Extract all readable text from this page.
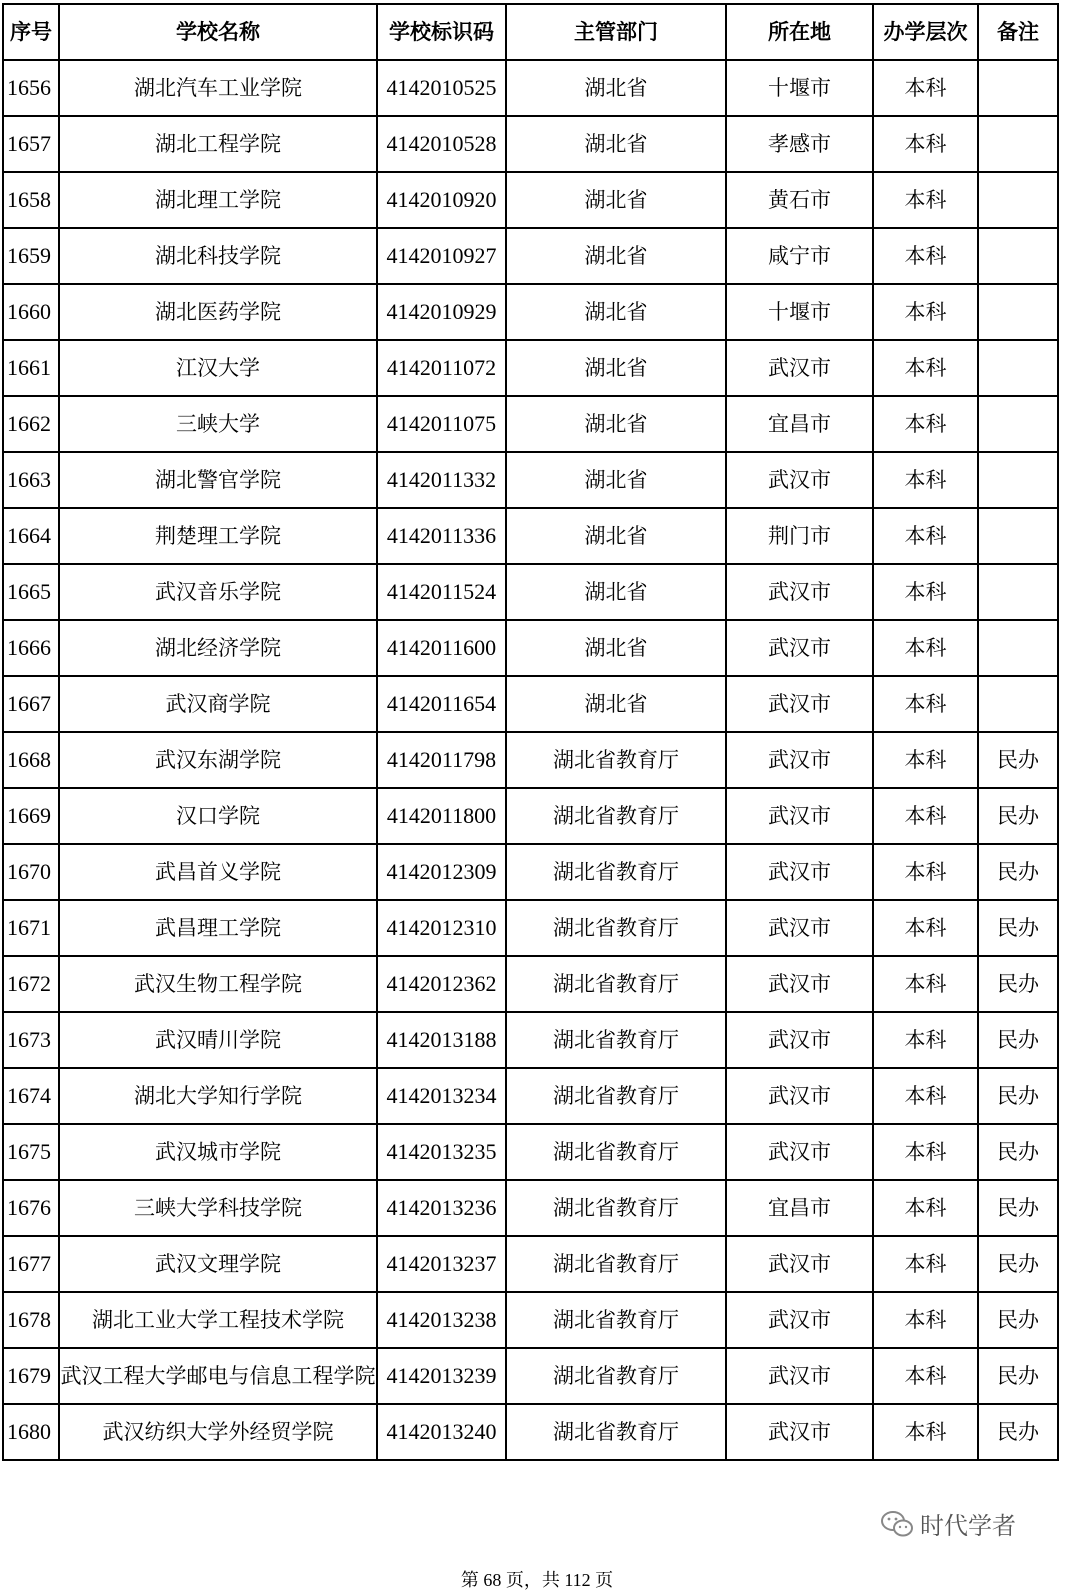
序号	学校名称	学校标识码	主管部门	所在地	办学层次	备注
1656	湖北汽车工业学院	4142010525	湖北省	十堰市	本科	
1657	湖北工程学院	4142010528	湖北省	孝感市	本科	
1658	湖北理工学院	4142010920	湖北省	黄石市	本科	
1659	湖北科技学院	4142010927	湖北省	咸宁市	本科	
1660	湖北医药学院	4142010929	湖北省	十堰市	本科	
1661	江汉大学	4142011072	湖北省	武汉市	本科	
1662	三峡大学	4142011075	湖北省	宜昌市	本科	
1663	湖北警官学院	4142011332	湖北省	武汉市	本科	
1664	荆楚理工学院	4142011336	湖北省	荆门市	本科	
1665	武汉音乐学院	4142011524	湖北省	武汉市	本科	
1666	湖北经济学院	4142011600	湖北省	武汉市	本科	
1667	武汉商学院	4142011654	湖北省	武汉市	本科	
1668	武汉东湖学院	4142011798	湖北省教育厅	武汉市	本科	民办
1669	汉口学院	4142011800	湖北省教育厅	武汉市	本科	民办
1670	武昌首义学院	4142012309	湖北省教育厅	武汉市	本科	民办
1671	武昌理工学院	4142012310	湖北省教育厅	武汉市	本科	民办
1672	武汉生物工程学院	4142012362	湖北省教育厅	武汉市	本科	民办
1673	武汉晴川学院	4142013188	湖北省教育厅	武汉市	本科	民办
1674	湖北大学知行学院	4142013234	湖北省教育厅	武汉市	本科	民办
1675	武汉城市学院	4142013235	湖北省教育厅	武汉市	本科	民办
1676	三峡大学科技学院	4142013236	湖北省教育厅	宜昌市	本科	民办
1677	武汉文理学院	4142013237	湖北省教育厅	武汉市	本科	民办
1678	湖北工业大学工程技术学院	4142013238	湖北省教育厅	武汉市	本科	民办
1679	武汉工程大学邮电与信息工程学院	4142013239	湖北省教育厅	武汉市	本科	民办
1680	武汉纺织大学外经贸学院	4142013240	湖北省教育厅	武汉市	本科	民办
时代学者
第 68 页，共 112 页
